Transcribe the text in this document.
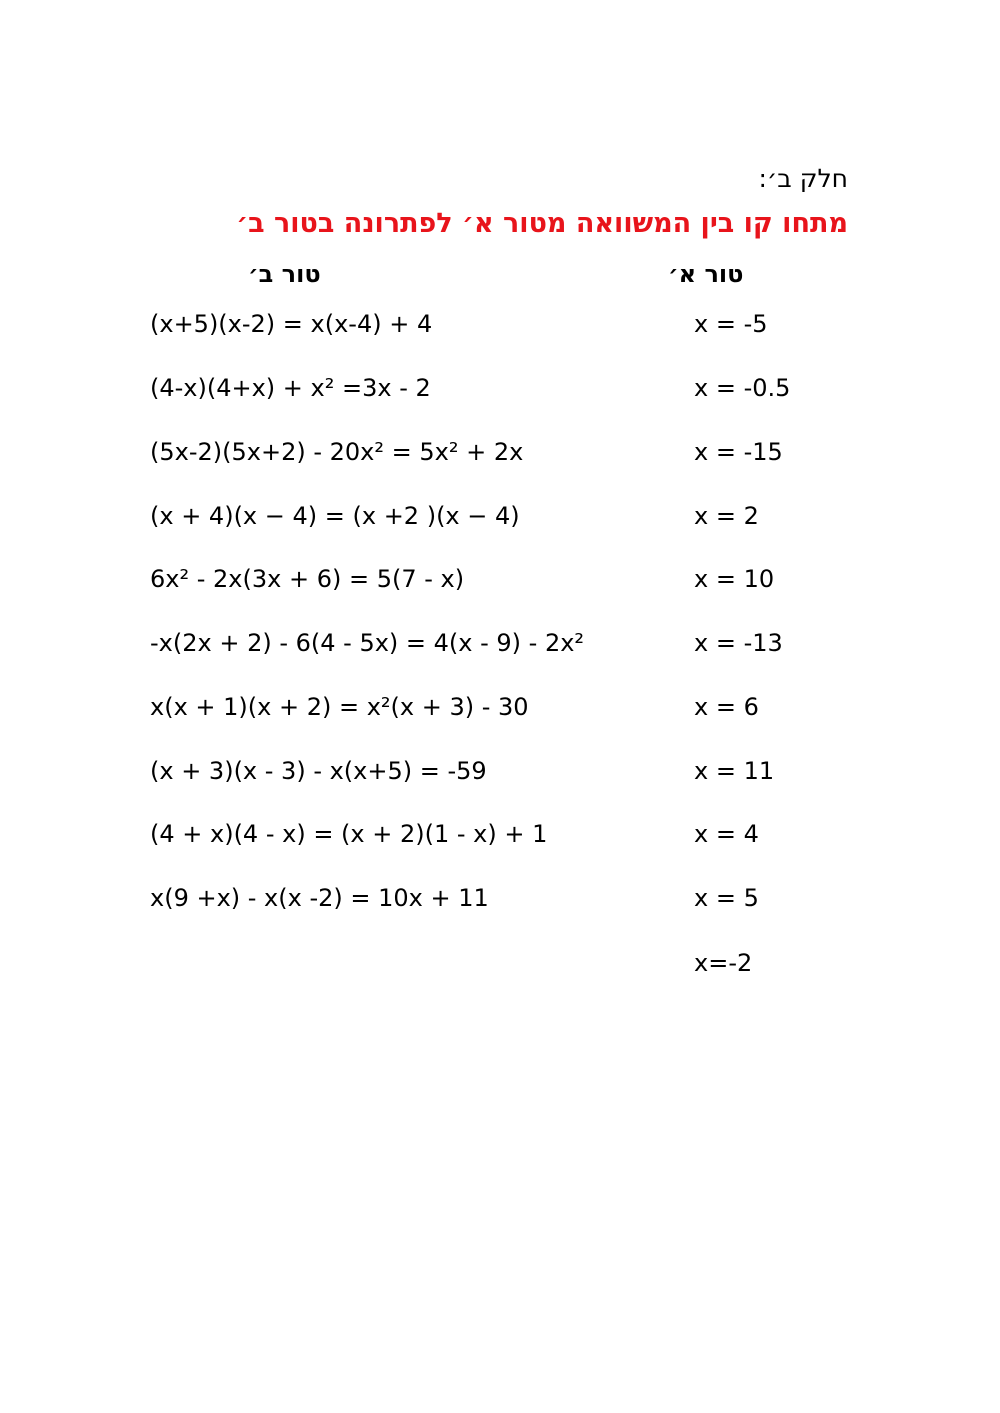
חלק ב׳:
מתחו קו בין המשוואה מטור א׳ לפתרונה בטור ב׳
טור ב׳	טור א׳
(x+5)(x-2) = x(x-4) + 4
(4-x)(4+x) + x² =3x - 2
(5x-2)(5x+2) - 20x² = 5x² + 2x
(x + 4)(x − 4) = (x +2 )(x − 4)
6x² - 2x(3x + 6) = 5(7 - x)
-x(2x + 2) - 6(4 - 5x) = 4(x - 9) - 2x²
x(x + 1)(x + 2) = x²(x + 3) - 30
(x + 3)(x - 3) - x(x+5) = -59
(4 + x)(4 - x) = (x + 2)(1 - x) + 1
x(9 +x) - x(x -2) = 10x + 11
x = -5
x = -0.5
x = -15
x = 2
x = 10
x = -13
x = 6
x = 11
x = 4
x = 5
x=-2
